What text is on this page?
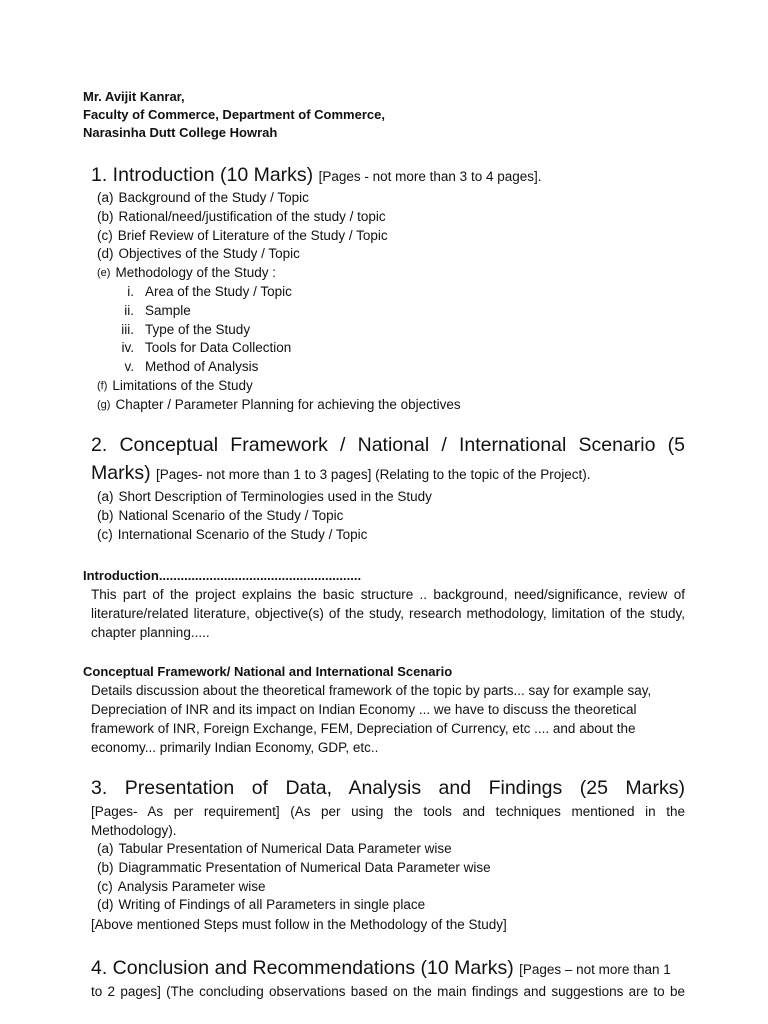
Mr. Avijit Kanrar,
Faculty of Commerce, Department of Commerce,
Narasinha Dutt College Howrah
1. Introduction (10 Marks) [Pages - not more than 3 to 4 pages].
(a) Background of the Study / Topic
(b) Rational/need/justification of the study / topic
(c) Brief Review of Literature of the Study / Topic
(d) Objectives of the Study / Topic
(e) Methodology of the Study :
i. Area of the Study / Topic
ii. Sample
iii. Type of the Study
iv. Tools for Data Collection
v. Method of Analysis
(f) Limitations of the Study
(g) Chapter / Parameter Planning for achieving the objectives
2. Conceptual Framework / National / International Scenario (5
Marks) [Pages- not more than 1 to 3 pages] (Relating to the topic of the Project).
(a) Short Description of Terminologies used in the Study
(b) National Scenario of the Study / Topic
(c) International Scenario of the Study / Topic
Introduction........................................................
This part of the project explains the basic structure .. background, need/significance, review of
literature/related literature, objective(s) of the study, research methodology, limitation of the study,
chapter planning.....
Conceptual Framework/ National and International Scenario
Details discussion about the theoretical framework of the topic by parts... say for example say,
Depreciation of INR and its impact on Indian Economy ... we have to discuss the theoretical
framework of INR, Foreign Exchange, FEM, Depreciation of Currency, etc .... and about the
economy... primarily Indian Economy, GDP, etc..
3. Presentation of Data, Analysis and Findings (25 Marks)
[Pages- As per requirement] (As per using the tools and techniques mentioned in the
Methodology).
(a) Tabular Presentation of Numerical Data Parameter wise
(b) Diagrammatic Presentation of Numerical Data Parameter wise
(c) Analysis Parameter wise
(d) Writing of Findings of all Parameters in single place
[Above mentioned Steps must follow in the Methodology of the Study]
4. Conclusion and Recommendations (10 Marks) [Pages – not more than 1
to 2 pages] (The concluding observations based on the main findings and suggestions are to be
